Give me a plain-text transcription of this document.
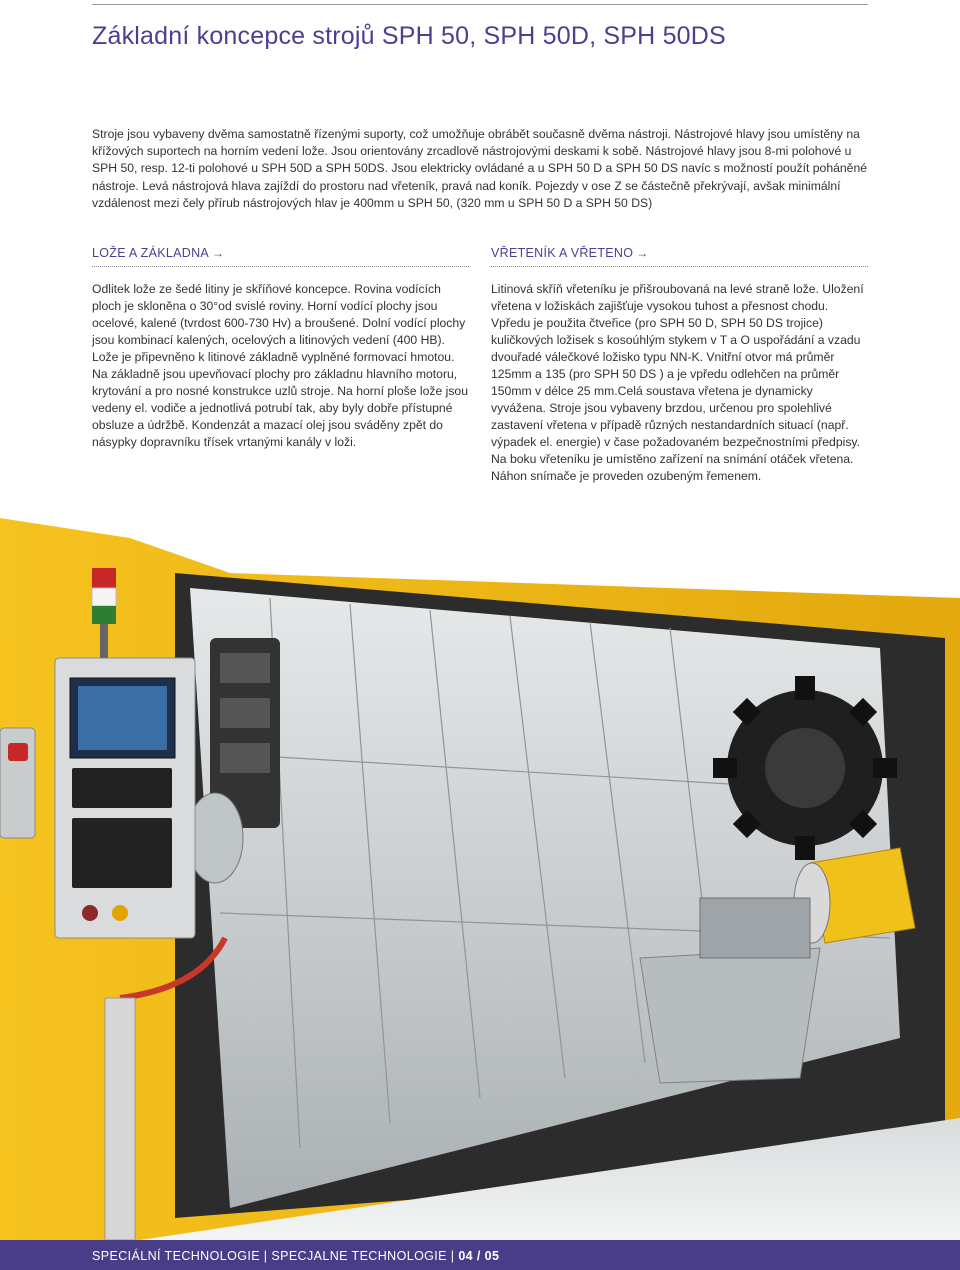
Základní koncepce strojů SPH 50, SPH 50D, SPH 50DS

Stroje jsou vybaveny dvěma samostatně řízenými suporty, což umožňuje obrábět současně dvěma nástroji. Nástrojové hlavy jsou umístěny na křížových suportech na horním vedení lože. Jsou orientovány zrcadlově nástrojovými deskami k sobě. Nástrojové hlavy jsou 8-mi polohové u SPH 50, resp. 12-ti polohové u SPH 50D a SPH 50DS. Jsou elektricky ovládané a u SPH 50 D a SPH 50 DS navíc s možností použít poháněné nástroje. Levá nástrojová hlava zajíždí do prostoru nad vřeteník, pravá nad koník. Pojezdy v ose Z se částečně překrývají, avšak minimální vzdálenost mezi čely přírub nástrojových hlav je 400mm u SPH 50, (320 mm u SPH 50 D a SPH 50 DS)

LOŽE A ZÁKLADNA →

Odlitek lože ze šedé litiny je skříňové koncepce. Rovina vodících ploch je skloněna o 30°od svislé roviny. Horní vodící plochy jsou ocelové, kalené (tvrdost 600-730 Hv) a broušené. Dolní vodící plochy jsou kombinací kalených, ocelových a litinových vedení (400 HB). Lože je připevněno k litinové základně vyplněné formovací hmotou. Na základně jsou upevňovací plochy pro základnu hlavního motoru, krytování a pro nosné konstrukce uzlů stroje. Na horní ploše lože jsou vedeny el. vodiče a jednotlivá potrubí tak, aby byly dobře přístupné obsluze a údržbě. Kondenzát a mazací olej jsou sváděny zpět do násypky dopravníku třísek vrtanými kanály v loži.

VŘETENÍK A VŘETENO →

Litinová skříň vřeteníku je přišroubovaná na levé straně lože. Uložení vřetena v ložiskách zajišťuje vysokou tuhost a přesnost chodu. Vpředu je použita čtveřice (pro SPH 50 D, SPH 50 DS trojice) kuličkových ložisek s kosoúhlým stykem v T a O uspořádání a vzadu dvouřadé válečkové ložisko typu NN-K. Vnitřní otvor má průměr 125mm a 135 (pro SPH 50 DS ) a je vpředu odlehčen na průměr 150mm v délce 25 mm.Celá soustava vřetena je dynamicky vyvážena. Stroje jsou vybaveny brzdou, určenou pro spolehlivé zastavení vřetena v případě různých nestandardních situací (např. výpadek el. energie) v čase požadovaném bezpečnostními předpisy. Na boku vřeteníku je umístěno zařízení na snímání otáček vřetena. Náhon snímače je proveden ozubeným řemenem.

SPECIÁLNÍ TECHNOLOGIE | SPECJALNE TECHNOLOGIE | 04 / 05
